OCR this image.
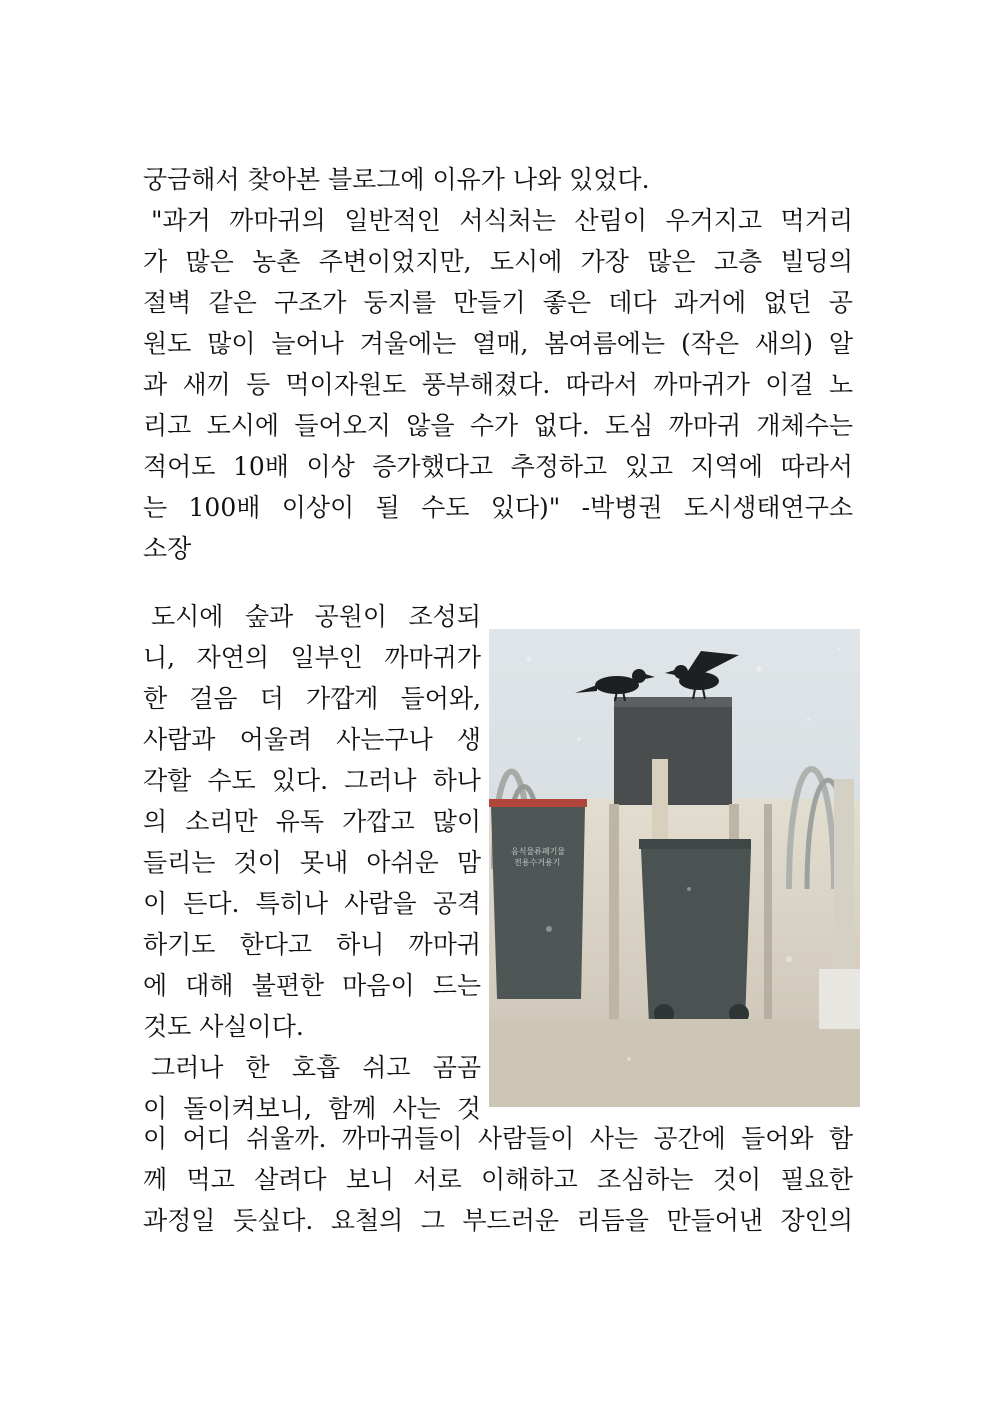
궁금해서 찾아본 블로그에 이유가 나와 있었다.
"과거 까마귀의 일반적인 서식처는 산림이 우거지고 먹거리
가 많은 농촌 주변이었지만, 도시에 가장 많은 고층 빌딩의
절벽 같은 구조가 둥지를 만들기 좋은 데다 과거에 없던 공
원도 많이 늘어나 겨울에는 열매, 봄여름에는 (작은 새의) 알
과 새끼 등 먹이자원도 풍부해졌다. 따라서 까마귀가 이걸 노
리고 도시에 들어오지 않을 수가 없다. 도심 까마귀 개체수는
적어도 10배 이상 증가했다고 추정하고 있고 지역에 따라서
는 100배 이상이 될 수도 있다)" -박병권 도시생태연구소
소장
도시에 숲과 공원이 조성되
니, 자연의 일부인 까마귀가
한 걸음 더 가깝게 들어와,
사람과 어울려 사는구나 생
각할 수도 있다. 그러나 하나
의 소리만 유독 가깝고 많이
들리는 것이 못내 아쉬운 맘
이 든다. 특히나 사람을 공격
하기도 한다고 하니 까마귀
에 대해 불편한 마음이 드는
것도 사실이다.
그러나 한 호흡 쉬고 곰곰
이 돌이켜보니, 함께 사는 것
이 어디 쉬울까. 까마귀들이 사람들이 사는 공간에 들어와 함
께 먹고 살려다 보니 서로 이해하고 조심하는 것이 필요한
과정일 듯싶다. 요철의 그 부드러운 리듬을 만들어낸 장인의
음식물류폐기물
전용수거용기
